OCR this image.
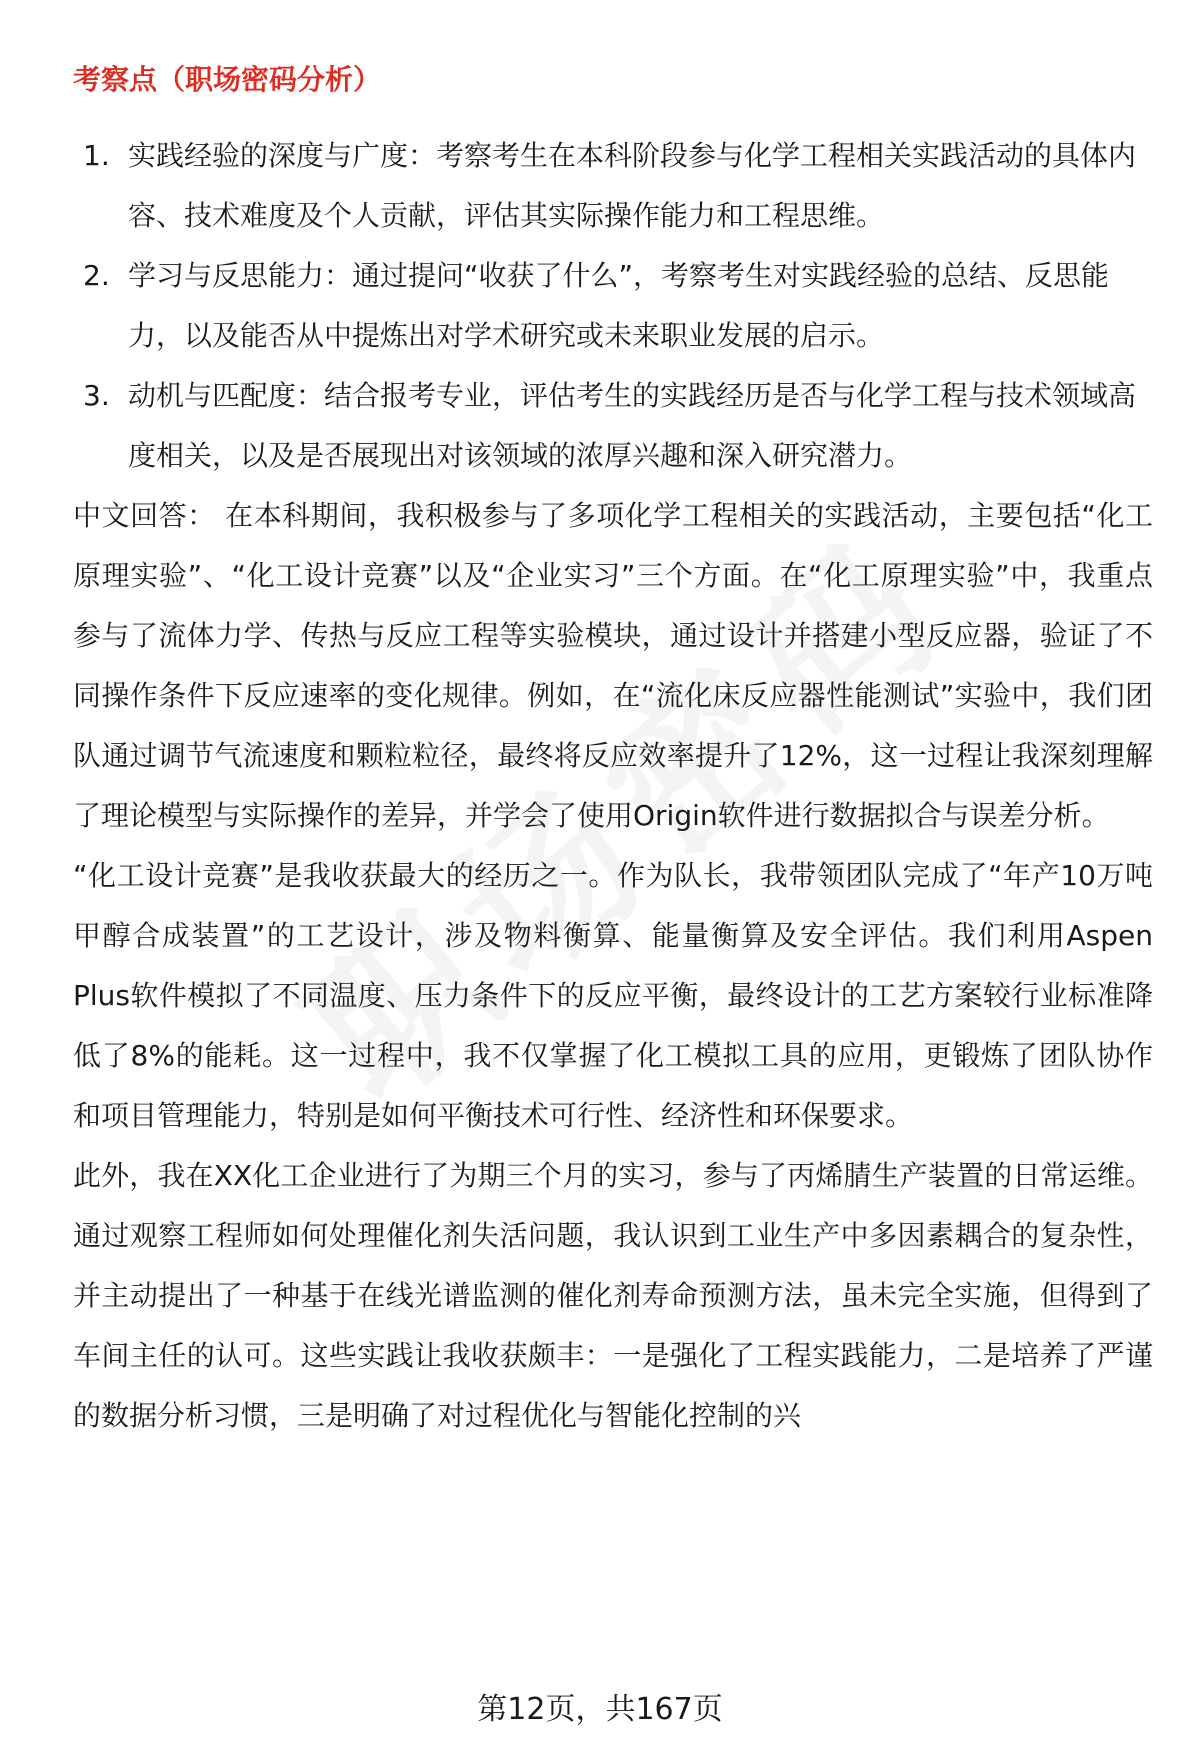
考察点（职场密码分析）
1. 实践经验的深度与广度：考察考生在本科阶段参与化学工程相关实践活动的具体内容、技术难度及个人贡献，评估其实际操作能力和工程思维。
2. 学习与反思能力：通过提问“收获了什么”，考察考生对实践经验的总结、反思能力，以及能否从中提炼出对学术研究或未来职业发展的启示。
3. 动机与匹配度：结合报考专业，评估考生的实践经历是否与化学工程与技术领域高度相关，以及是否展现出对该领域的浓厚兴趣和深入研究潜力。

中文回答： 在本科期间，我积极参与了多项化学工程相关的实践活动，主要包括“化工原理实验”、“化工设计竞赛”以及“企业实习”三个方面。在“化工原理实验”中，我重点参与了流体力学、传热与反应工程等实验模块，通过设计并搭建小型反应器，验证了不同操作条件下反应速率的变化规律。例如，在“流化床反应器性能测试”实验中，我们团队通过调节气流速度和颗粒粒径，最终将反应效率提升了12%，这一过程让我深刻理解了理论模型与实际操作的差异，并学会了使用Origin软件进行数据拟合与误差分析。

“化工设计竞赛”是我收获最大的经历之一。作为队长，我带领团队完成了“年产10万吨甲醇合成装置”的工艺设计，涉及物料衡算、能量衡算及安全评估。我们利用Aspen Plus软件模拟了不同温度、压力条件下的反应平衡，最终设计的工艺方案较行业标准降低了8%的能耗。这一过程中，我不仅掌握了化工模拟工具的应用，更锻炼了团队协作和项目管理能力，特别是如何平衡技术可行性、经济性和环保要求。

此外，我在XX化工企业进行了为期三个月的实习，参与了丙烯腈生产装置的日常运维。通过观察工程师如何处理催化剂失活问题，我认识到工业生产中多因素耦合的复杂性，并主动提出了一种基于在线光谱监测的催化剂寿命预测方法，虽未完全实施，但得到了车间主任的认可。这些实践让我收获颇丰：一是强化了工程实践能力，二是培养了严谨的数据分析习惯，三是明确了对过程优化与智能化控制的兴

第12页，共167页
